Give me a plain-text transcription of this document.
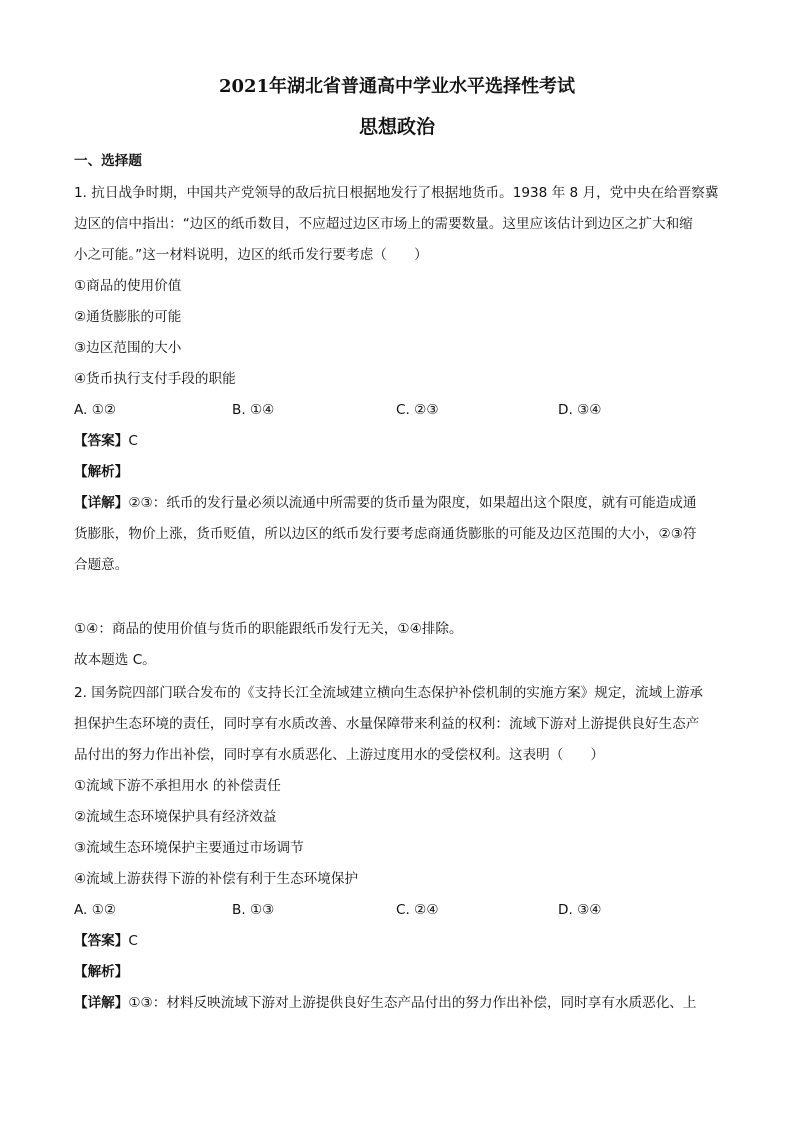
2021年湖北省普通高中学业水平选择性考试
思想政治
一、选择题
1. 抗日战争时期，中国共产党领导的敌后抗日根据地发行了根据地货币。1938 年 8 月，党中央在给晋察冀
边区的信中指出：“边区的纸币数目，不应超过边区市场上的需要数量。这里应该估计到边区之扩大和缩
小之可能。”这一材料说明，边区的纸币发行要考虑（　　）
①商品的使用价值
②通货膨胀的可能
③边区范围的大小
④货币执行支付手段的职能
A. ①②	B. ①④	C. ②③	D. ③④
【答案】C
【解析】
【详解】②③：纸币的发行量必须以流通中所需要的货币量为限度，如果超出这个限度，就有可能造成通
货膨胀，物价上涨，货币贬值，所以边区的纸币发行要考虑商通货膨胀的可能及边区范围的大小，②③符
合题意。
①④：商品的使用价值与货币的职能跟纸币发行无关，①④排除。
故本题选 C。
2. 国务院四部门联合发布的《支持长江全流域建立横向生态保护补偿机制的实施方案》规定，流域上游承
担保护生态环境的责任，同时享有水质改善、水量保障带来利益的权利：流域下游对上游提供良好生态产
品付出的努力作出补偿，同时享有水质恶化、上游过度用水的受偿权利。这表明（　　）
①流域下游不承担用水 的补偿责任
②流域生态环境保护具有经济效益
③流域生态环境保护主要通过市场调节
④流域上游获得下游的补偿有利于生态环境保护
A. ①②	B. ①③	C. ②④	D. ③④
【答案】C
【解析】
【详解】①③：材料反映流域下游对上游提供良好生态产品付出的努力作出补偿，同时享有水质恶化、上
